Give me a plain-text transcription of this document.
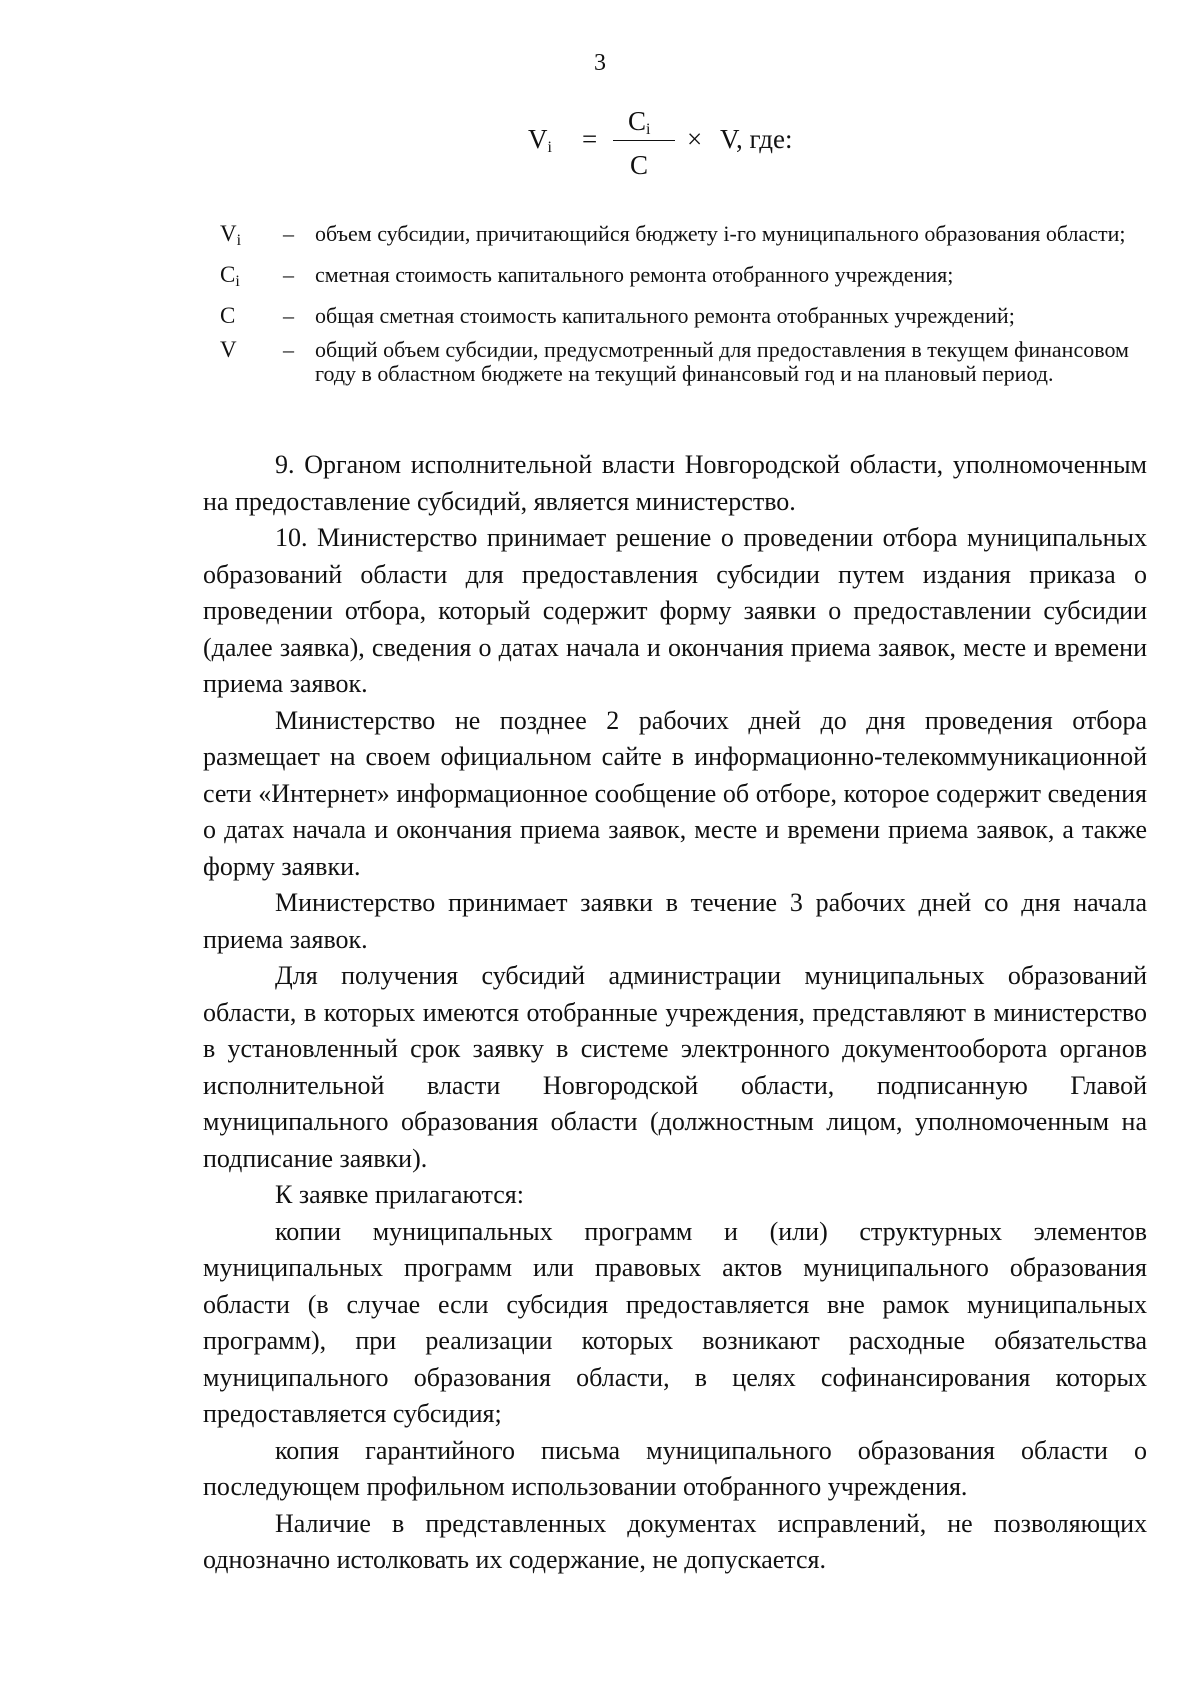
3
$V_i$ =
$C_i$
C
× V, где:
$V_i$	– объем субсидии, причитающийся бюджету i-го муниципального образования области;
$C_i$	– сметная стоимость капитального ремонта отобранного учреждения;
C	– общая сметная стоимость капитального ремонта отобранных учреждений;
V	– общий объем субсидии, предусмотренный для предоставления в текущем финансовом году в областном бюджете на текущий финансовый год и на плановый период.

9. Органом исполнительной власти Новгородской области, уполномоченным на предоставление субсидий, является министерство.

10. Министерство принимает решение о проведении отбора муниципальных образований области для предоставления субсидии путем издания приказа о проведении отбора, который содержит форму заявки о предоставлении субсидии (далее заявка), сведения о датах начала и окончания приема заявок, месте и времени приема заявок.

Министерство не позднее 2 рабочих дней до дня проведения отбора размещает на своем официальном сайте в информационно-телекоммуникационной сети «Интернет» информационное сообщение об отборе, которое содержит сведения о датах начала и окончания приема заявок, месте и времени приема заявок, а также форму заявки.

Министерство принимает заявки в течение 3 рабочих дней со дня начала приема заявок.

Для получения субсидий администрации муниципальных образований области, в которых имеются отобранные учреждения, представляют в министерство в установленный срок заявку в системе электронного документооборота органов исполнительной власти Новгородской области, подписанную Главой муниципального образования области (должностным лицом, уполномоченным на подписание заявки).

К заявке прилагаются:

копии муниципальных программ и (или) структурных элементов муниципальных программ или правовых актов муниципального образования области (в случае если субсидия предоставляется вне рамок муниципальных программ), при реализации которых возникают расходные обязательства муниципального образования области, в целях софинансирования которых предоставляется субсидия;

копия гарантийного письма муниципального образования области о последующем профильном использовании отобранного учреждения.

Наличие в представленных документах исправлений, не позволяющих однозначно истолковать их содержание, не допускается.
